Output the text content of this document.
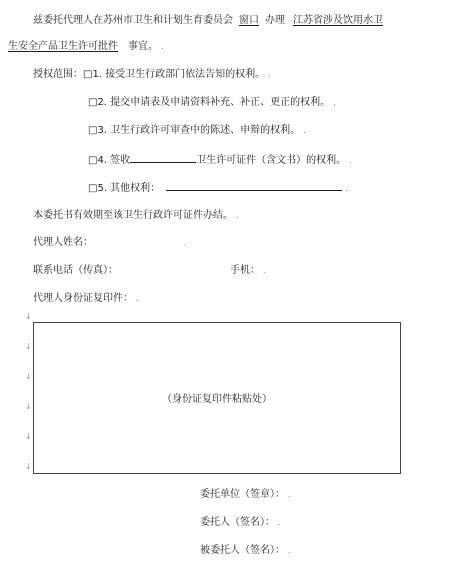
兹委托代理人在苏州市卫生和计划生育委员会 窗口 办理 江苏省涉及饮用水卫
生安全产品卫生许可批件 事宜。 .
授权范围：□1. 接受卫生行政部门依法告知的权利。 .
□2. 提交申请表及申请资料补充、补正、更正的权利。 .
□3. 卫生行政许可审查中的陈述、申辩的权利。 .
□4. 签收	卫生许可证件（含文书）的权利。 .
□5. 其他权利：	.
本委托书有效期至该卫生行政许可证件办结。 .
代理人姓名：	.
联系电话（传真）：	手机： .
代理人身份证复印件： .
↓
↓
↓
↓
↓
↓
（身份证复印件粘贴处）
委托单位（签章）： .
委托人（签名）： .
被委托人（签名）： .
